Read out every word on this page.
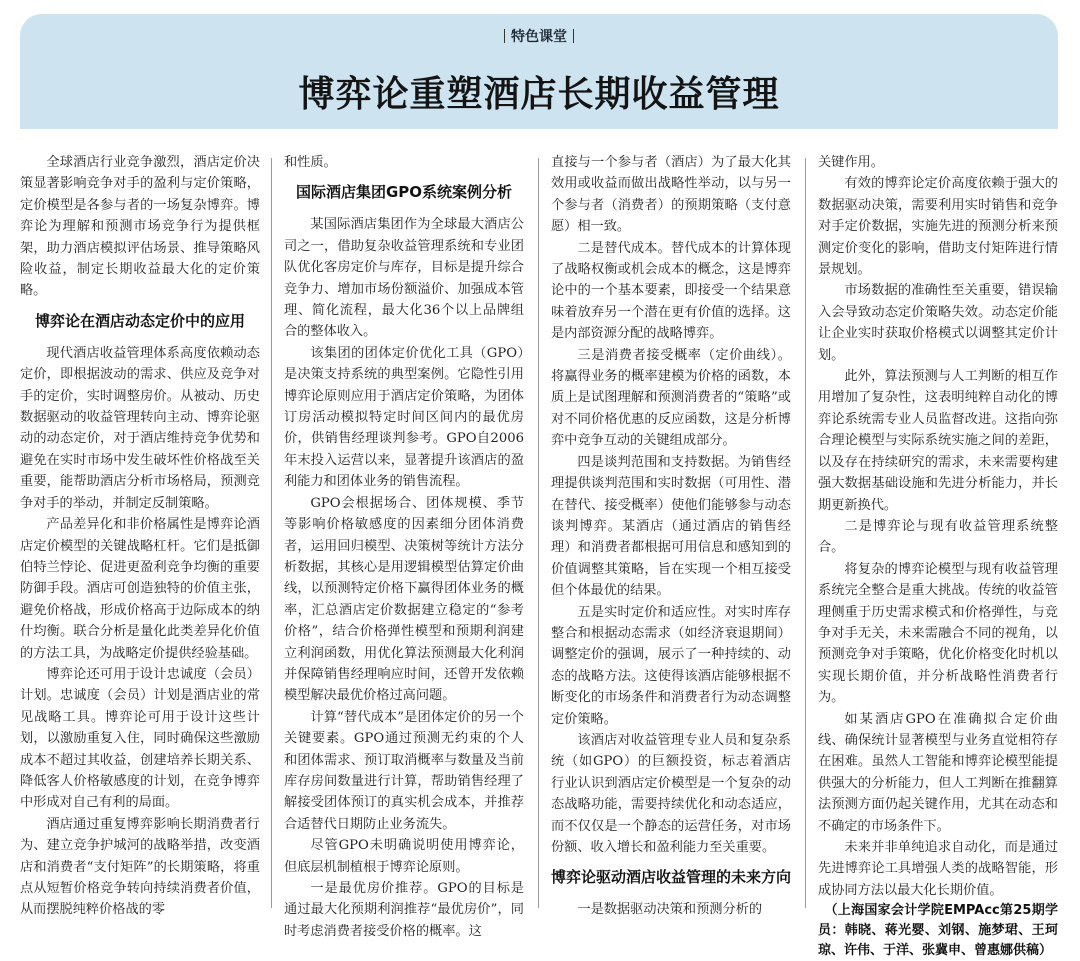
特色课堂
博弈论重塑酒店长期收益管理

全球酒店行业竞争激烈，酒店定价决策显著影响竞争对手的盈利与定价策略，定价模型是各参与者的一场复杂博弈。博弈论为理解和预测市场竞争行为提供框架，助力酒店模拟评估场景、推导策略风险收益，制定长期收益最大化的定价策略。

博弈论在酒店动态定价中的应用

现代酒店收益管理体系高度依赖动态定价，即根据波动的需求、供应及竞争对手的定价，实时调整房价。从被动、历史数据驱动的收益管理转向主动、博弈论驱动的动态定价，对于酒店维持竞争优势和避免在实时市场中发生破坏性价格战至关重要，能帮助酒店分析市场格局，预测竞争对手的举动，并制定反制策略。

产品差异化和非价格属性是博弈论酒店定价模型的关键战略杠杆。它们是抵御伯特兰悖论、促进更盈利竞争均衡的重要防御手段。酒店可创造独特的价值主张，避免价格战，形成价格高于边际成本的纳什均衡。联合分析是量化此类差异化价值的方法工具，为战略定价提供经验基础。

博弈论还可用于设计忠诚度（会员）计划。忠诚度（会员）计划是酒店业的常见战略工具。博弈论可用于设计这些计划，以激励重复入住，同时确保这些激励成本不超过其收益，创建培养长期关系、降低客人价格敏感度的计划，在竞争博弈中形成对自己有利的局面。

酒店通过重复博弈影响长期消费者行为、建立竞争护城河的战略举措，改变酒店和消费者“支付矩阵”的长期策略，将重点从短暂价格竞争转向持续消费者价值，从而摆脱纯粹价格战的零

和性质。

国际酒店集团GPO系统案例分析

某国际酒店集团作为全球最大酒店公司之一，借助复杂收益管理系统和专业团队优化客房定价与库存，目标是提升综合竞争力、增加市场份额溢价、加强成本管理、简化流程，最大化36个以上品牌组合的整体收入。

该集团的团体定价优化工具（GPO）是决策支持系统的典型案例。它隐性引用博弈论原则应用于酒店定价策略，为团体订房活动模拟特定时间区间内的最优房价，供销售经理谈判参考。GPO自2006年末投入运营以来，显著提升该酒店的盈利能力和团体业务的销售流程。

GPO会根据场合、团体规模、季节等影响价格敏感度的因素细分团体消费者，运用回归模型、决策树等统计方法分析数据，其核心是用逻辑模型估算定价曲线，以预测特定价格下赢得团体业务的概率，汇总酒店定价数据建立稳定的“参考价格”，结合价格弹性模型和预期利润建立利润函数，用优化算法预测最大化利润并保障销售经理响应时间，还曾开发依赖模型解决最优价格过高问题。

计算“替代成本”是团体定价的另一个关键要素。GPO通过预测无约束的个人和团体需求、预订取消概率与数量及当前库存房间数量进行计算，帮助销售经理了解接受团体预订的真实机会成本，并推荐合适替代日期防止业务流失。

尽管GPO未明确说明使用博弈论，但底层机制植根于博弈论原则。

一是最优房价推荐。GPO的目标是通过最大化预期利润推荐“最优房价”，同时考虑消费者接受价格的概率。这

直接与一个参与者（酒店）为了最大化其效用或收益而做出战略性举动，以与另一个参与者（消费者）的预期策略（支付意愿）相一致。

二是替代成本。替代成本的计算体现了战略权衡或机会成本的概念，这是博弈论中的一个基本要素，即接受一个结果意味着放弃另一个潜在更有价值的选择。这是内部资源分配的战略博弈。

三是消费者接受概率（定价曲线）。将赢得业务的概率建模为价格的函数，本质上是试图理解和预测消费者的“策略”或对不同价格优惠的反应函数，这是分析博弈中竞争互动的关键组成部分。

四是谈判范围和支持数据。为销售经理提供谈判范围和实时数据（可用性、潜在替代、接受概率）使他们能够参与动态谈判博弈。某酒店（通过酒店的销售经理）和消费者都根据可用信息和感知到的价值调整其策略，旨在实现一个相互接受但个体最优的结果。

五是实时定价和适应性。对实时库存整合和根据动态需求（如经济衰退期间）调整定价的强调，展示了一种持续的、动态的战略方法。这使得该酒店能够根据不断变化的市场条件和消费者行为动态调整定价策略。

该酒店对收益管理专业人员和复杂系统（如GPO）的巨额投资，标志着酒店行业认识到酒店定价模型是一个复杂的动态战略功能，需要持续优化和动态适应，而不仅仅是一个静态的运营任务，对市场份额、收入增长和盈利能力至关重要。

博弈论驱动酒店收益管理的未来方向

一是数据驱动决策和预测分析的

关键作用。

有效的博弈论定价高度依赖于强大的数据驱动决策，需要利用实时销售和竞争对手定价数据，实施先进的预测分析来预测定价变化的影响，借助支付矩阵进行情景规划。

市场数据的准确性至关重要，错误输入会导致动态定价策略失效。动态定价能让企业实时获取价格模式以调整其定价计划。

此外，算法预测与人工判断的相互作用增加了复杂性，这表明纯粹自动化的博弈论系统需专业人员监督改进。这指向弥合理论模型与实际系统实施之间的差距，以及存在持续研究的需求，未来需要构建强大数据基础设施和先进分析能力，并长期更新换代。

二是博弈论与现有收益管理系统整合。

将复杂的博弈论模型与现有收益管理系统完全整合是重大挑战。传统的收益管理侧重于历史需求模式和价格弹性，与竞争对手无关，未来需融合不同的视角，以预测竞争对手策略，优化价格变化时机以实现长期价值，并分析战略性消费者行为。

如某酒店GPO在准确拟合定价曲线、确保统计显著模型与业务直觉相符存在困难。虽然人工智能和博弈论模型能提供强大的分析能力，但人工判断在推翻算法预测方面仍起关键作用，尤其在动态和不确定的市场条件下。

未来并非单纯追求自动化，而是通过先进博弈论工具增强人类的战略智能，形成协同方法以最大化长期价值。

（上海国家会计学院EMPAcc第25期学员：韩晓、蒋光婴、刘钢、施梦珺、王珂琼、许伟、于洋、张冀申、曾惠娜供稿）
